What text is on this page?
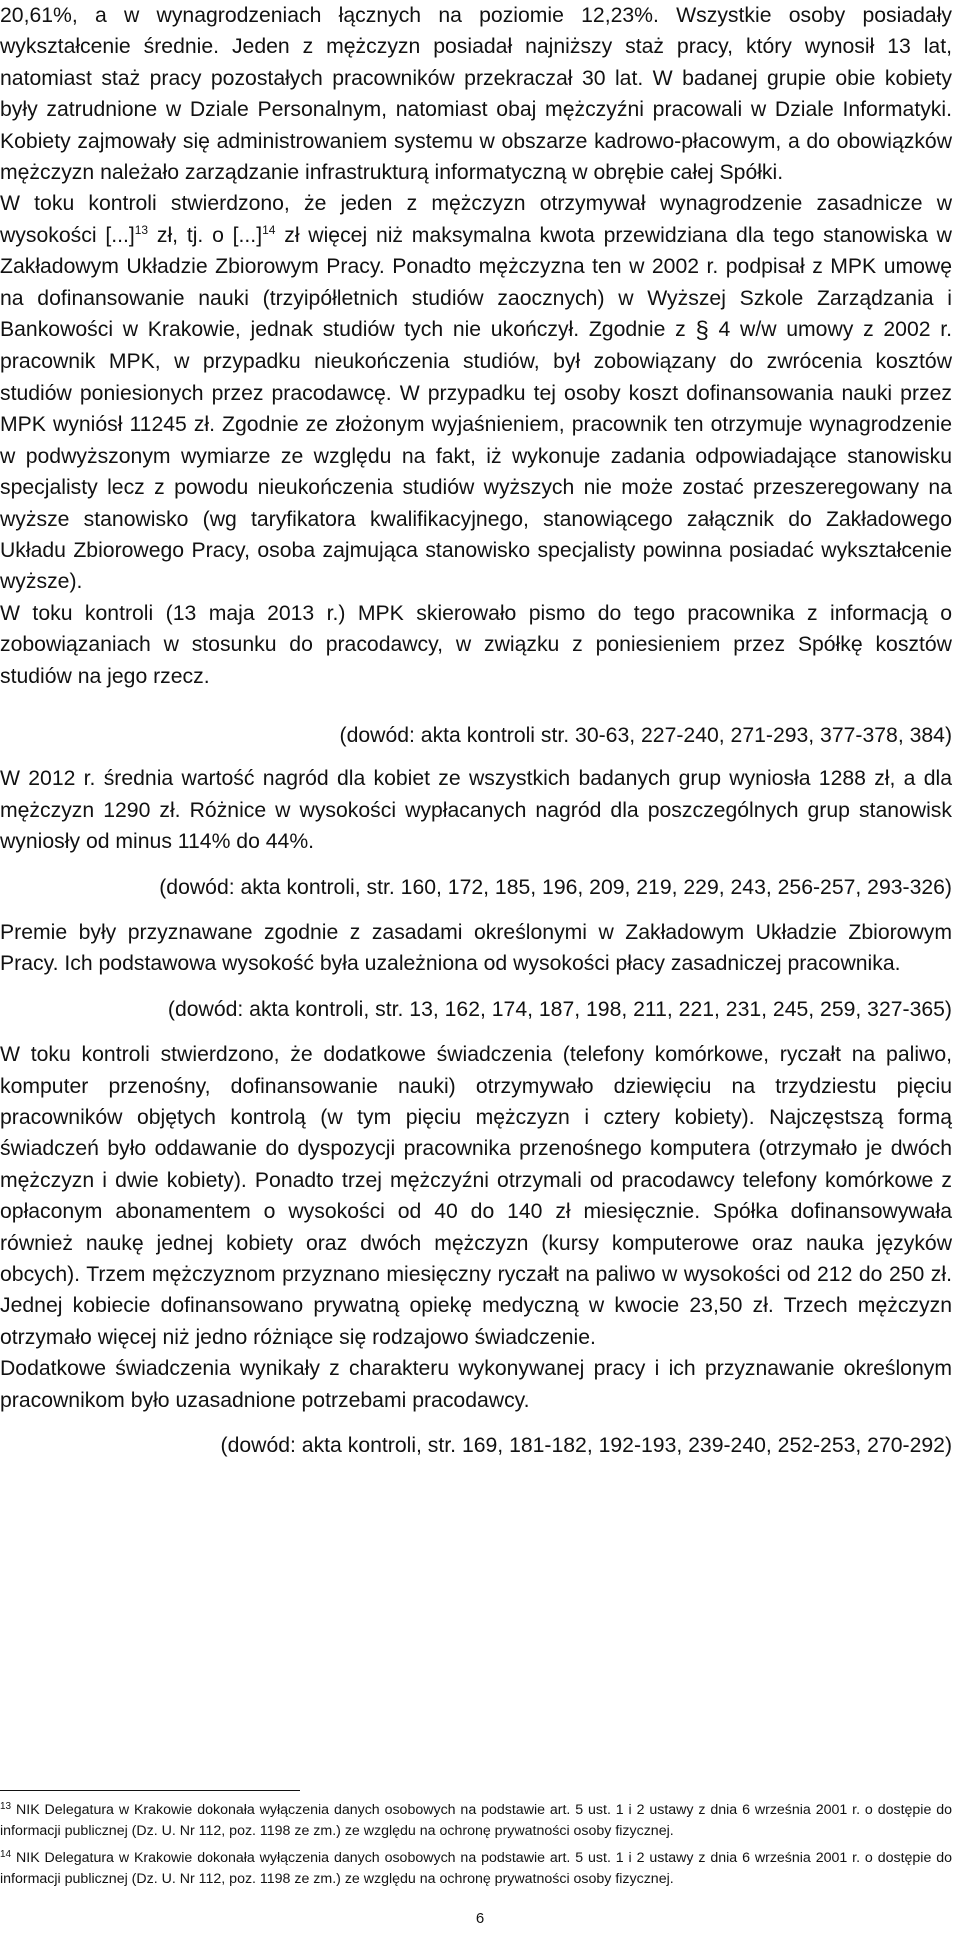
20,61%, a w wynagrodzeniach łącznych na poziomie 12,23%. Wszystkie osoby posiadały wykształcenie średnie. Jeden z mężczyzn posiadał najniższy staż pracy, który wynosił 13 lat, natomiast staż pracy pozostałych pracowników przekraczał 30 lat. W badanej grupie obie kobiety były zatrudnione w Dziale Personalnym, natomiast obaj mężczyźni pracowali w Dziale Informatyki. Kobiety zajmowały się administrowaniem systemu w obszarze kadrowo-płacowym, a do obowiązków mężczyzn należało zarządzanie infrastrukturą informatyczną w obrębie całej Spółki.

W toku kontroli stwierdzono, że jeden z mężczyzn otrzymywał wynagrodzenie zasadnicze w wysokości [...]$^{13}$ zł, tj. o [...]$^{14}$ zł więcej niż maksymalna kwota przewidziana dla tego stanowiska w Zakładowym Układzie Zbiorowym Pracy. Ponadto mężczyzna ten w 2002 r. podpisał z MPK umowę na dofinansowanie nauki (trzyipółletnich studiów zaocznych) w Wyższej Szkole Zarządzania i Bankowości w Krakowie, jednak studiów tych nie ukończył. Zgodnie z § 4 w/w umowy z 2002 r. pracownik MPK, w przypadku nieukończenia studiów, był zobowiązany do zwrócenia kosztów studiów poniesionych przez pracodawcę. W przypadku tej osoby koszt dofinansowania nauki przez MPK wyniósł 11245 zł. Zgodnie ze złożonym wyjaśnieniem, pracownik ten otrzymuje wynagrodzenie w podwyższonym wymiarze ze względu na fakt, iż wykonuje zadania odpowiadające stanowisku specjalisty lecz z powodu nieukończenia studiów wyższych nie może zostać przeszeregowany na wyższe stanowisko (wg taryfikatora kwalifikacyjnego, stanowiącego załącznik do Zakładowego Układu Zbiorowego Pracy, osoba zajmująca stanowisko specjalisty powinna posiadać wykształcenie wyższe).

W toku kontroli (13 maja 2013 r.) MPK skierowało pismo do tego pracownika z informacją o zobowiązaniach w stosunku do pracodawcy, w związku z poniesieniem przez Spółkę kosztów studiów na jego rzecz.

(dowód: akta kontroli str. 30-63, 227-240, 271-293, 377-378, 384)

W 2012 r. średnia wartość nagród dla kobiet ze wszystkich badanych grup wyniosła 1288 zł, a dla mężczyzn 1290 zł. Różnice w wysokości wypłacanych nagród dla poszczególnych grup stanowisk wyniosły od minus 114% do 44%.

(dowód: akta kontroli, str. 160, 172, 185, 196, 209, 219, 229, 243, 256-257, 293-326)

Premie były przyznawane zgodnie z zasadami określonymi w Zakładowym Układzie Zbiorowym Pracy. Ich podstawowa wysokość była uzależniona od wysokości płacy zasadniczej pracownika.

(dowód: akta kontroli, str. 13, 162, 174, 187, 198, 211, 221, 231, 245, 259, 327-365)

W toku kontroli stwierdzono, że dodatkowe świadczenia (telefony komórkowe, ryczałt na paliwo, komputer przenośny, dofinansowanie nauki) otrzymywało dziewięciu na trzydziestu pięciu pracowników objętych kontrolą (w tym pięciu mężczyzn i cztery kobiety). Najczęstszą formą świadczeń było oddawanie do dyspozycji pracownika przenośnego komputera (otrzymało je dwóch mężczyzn i dwie kobiety). Ponadto trzej mężczyźni otrzymali od pracodawcy telefony komórkowe z opłaconym abonamentem o wysokości od 40 do 140 zł miesięcznie. Spółka dofinansowywała również naukę jednej kobiety oraz dwóch mężczyzn (kursy komputerowe oraz nauka języków obcych). Trzem mężczyznom przyznano miesięczny ryczałt na paliwo w wysokości od 212 do 250 zł. Jednej kobiecie dofinansowano prywatną opiekę medyczną w kwocie 23,50 zł. Trzech mężczyzn otrzymało więcej niż jedno różniące się rodzajowo świadczenie.

Dodatkowe świadczenia wynikały z charakteru wykonywanej pracy i ich przyznawanie określonym pracownikom było uzasadnione potrzebami pracodawcy.

(dowód: akta kontroli, str. 169, 181-182, 192-193, 239-240, 252-253, 270-292)

$^{13}$ NIK Delegatura w Krakowie dokonała wyłączenia danych osobowych na podstawie art. 5 ust. 1 i 2 ustawy z dnia 6 września 2001 r. o dostępie do informacji publicznej (Dz. U. Nr 112, poz. 1198 ze zm.) ze względu na ochronę prywatności osoby fizycznej.

$^{14}$ NIK Delegatura w Krakowie dokonała wyłączenia danych osobowych na podstawie art. 5 ust. 1 i 2 ustawy z dnia 6 września 2001 r. o dostępie do informacji publicznej (Dz. U. Nr 112, poz. 1198 ze zm.) ze względu na ochronę prywatności osoby fizycznej.

6
